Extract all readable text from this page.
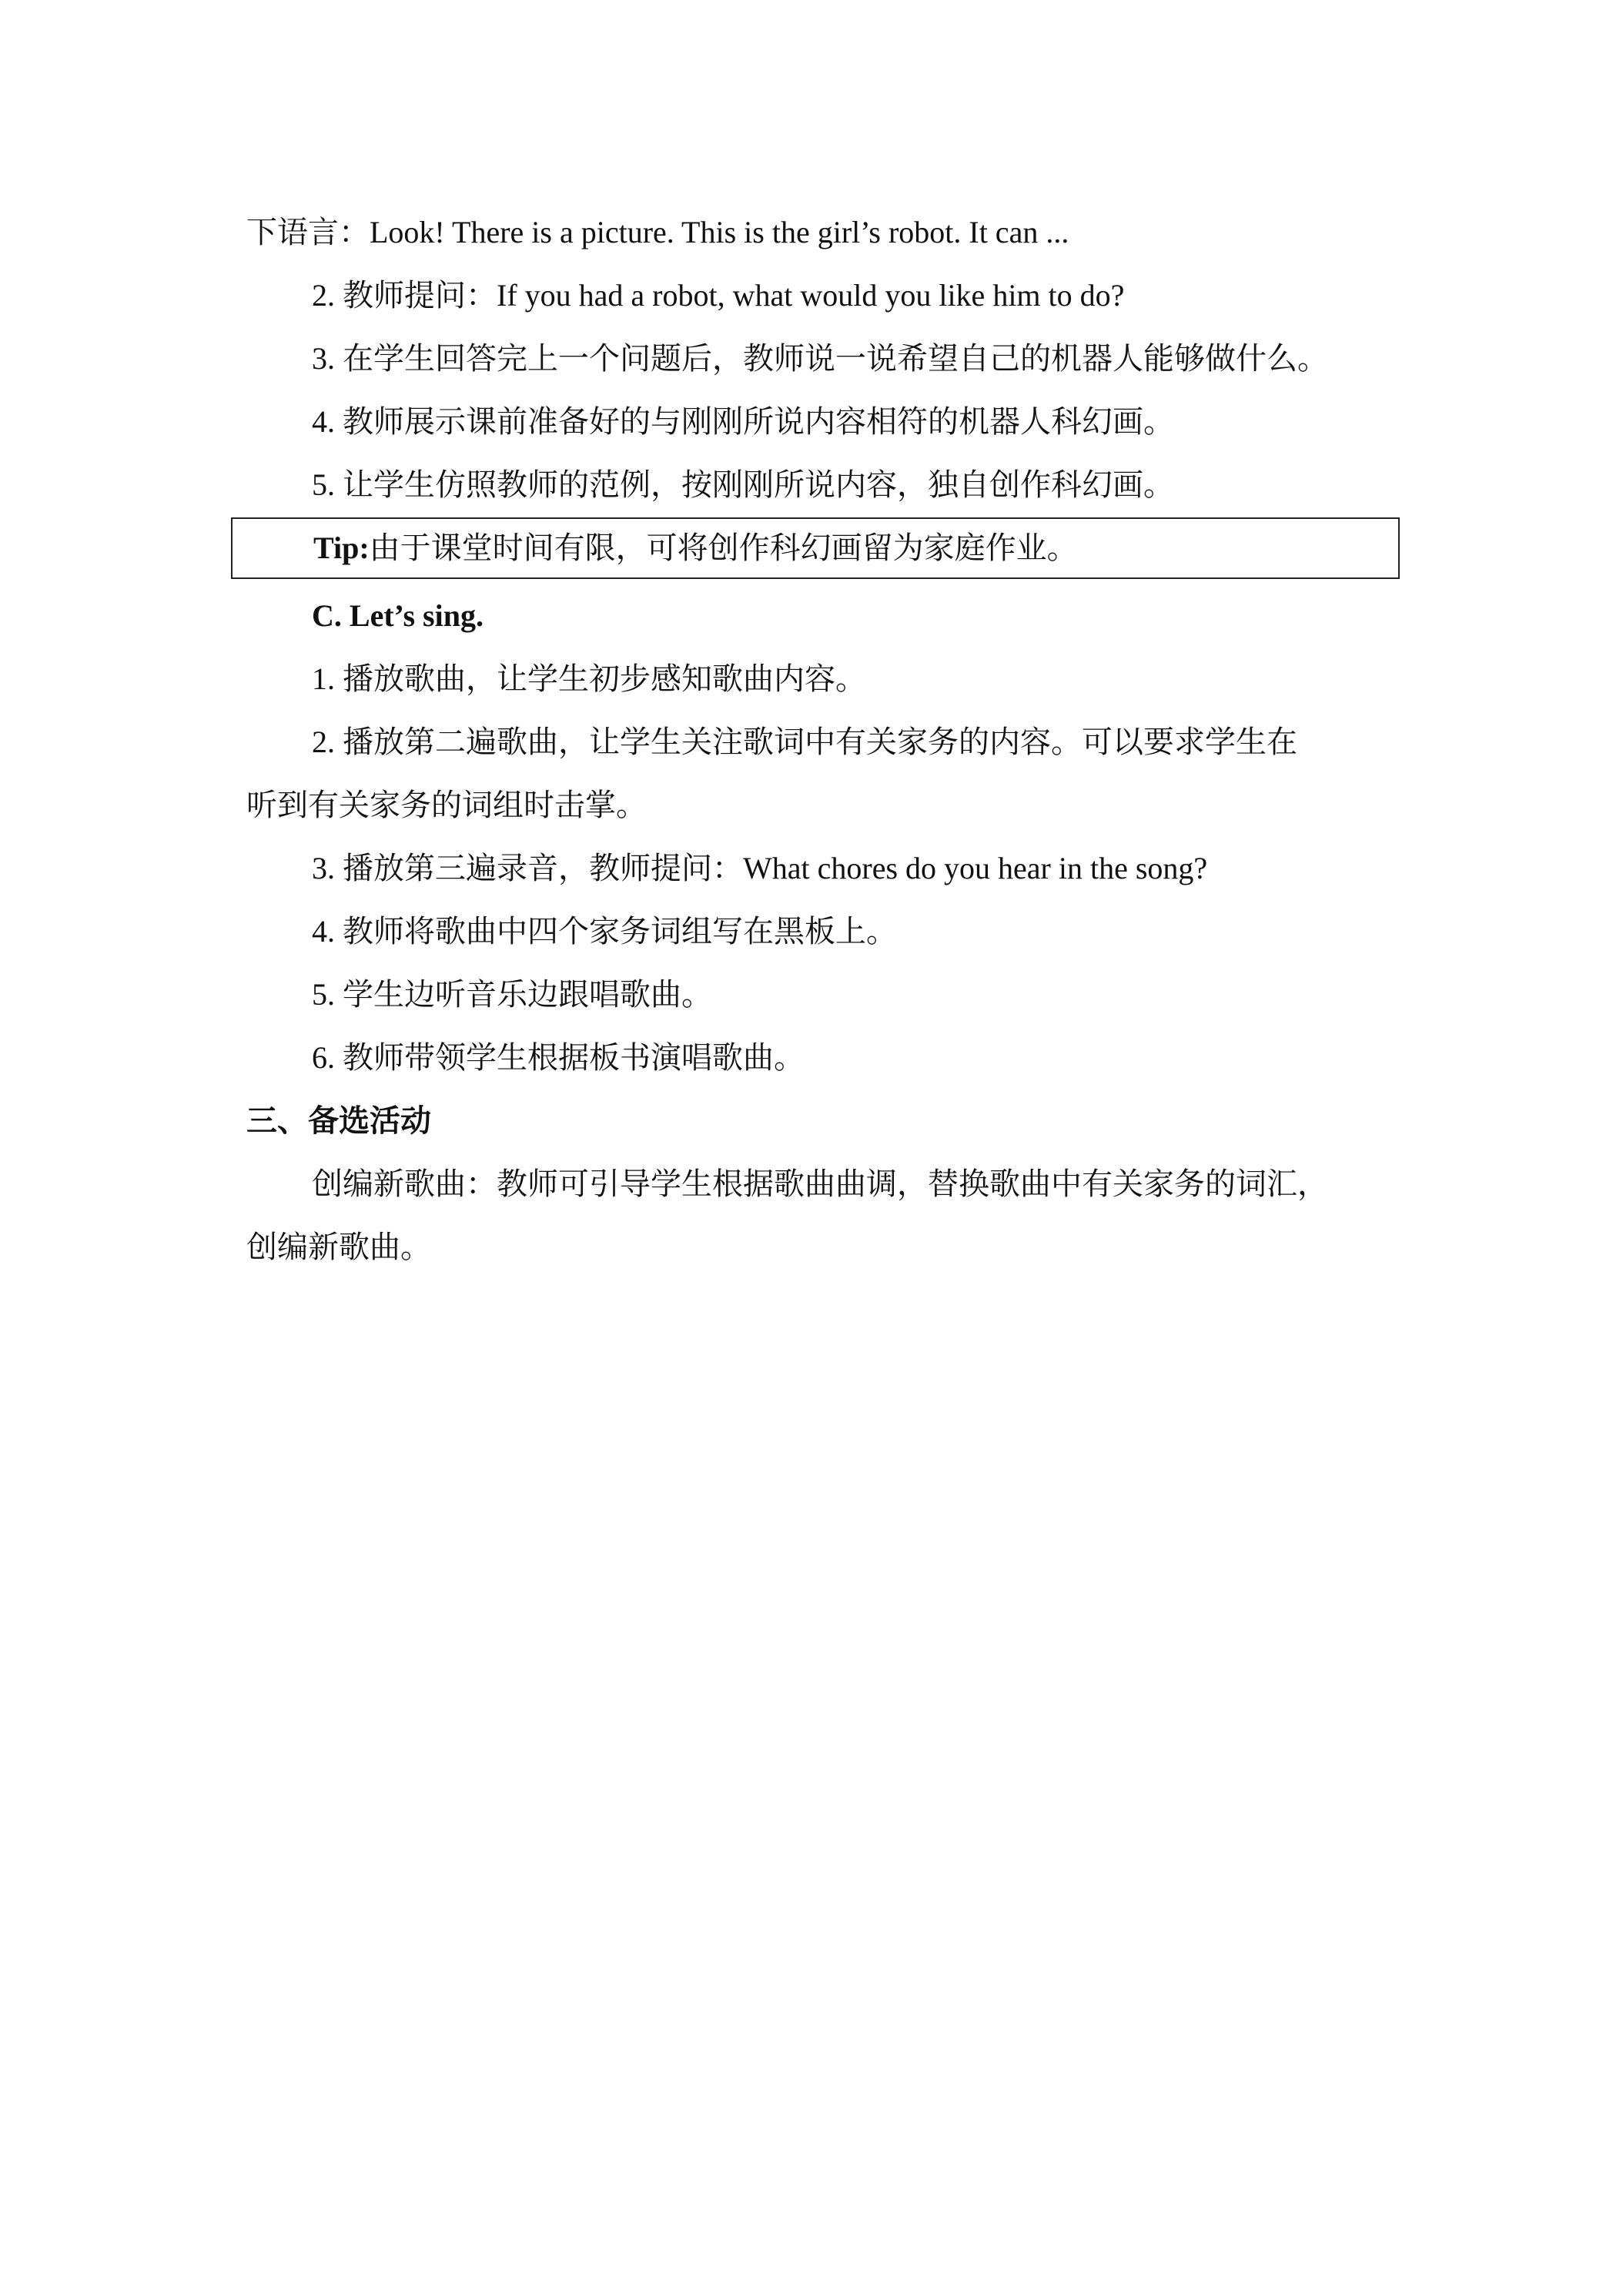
下语言：Look! There is a picture. This is the girl’s robot. It can ...
2. 教师提问：If you had a robot, what would you like him to do?
3. 在学生回答完上一个问题后，教师说一说希望自己的机器人能够做什么。
4. 教师展示课前准备好的与刚刚所说内容相符的机器人科幻画。
5. 让学生仿照教师的范例，按刚刚所说内容，独自创作科幻画。
Tip:由于课堂时间有限，可将创作科幻画留为家庭作业。
C. Let’s sing.
1. 播放歌曲，让学生初步感知歌曲内容。
2. 播放第二遍歌曲，让学生关注歌词中有关家务的内容。可以要求学生在
听到有关家务的词组时击掌。
3. 播放第三遍录音，教师提问：What chores do you hear in the song?
4. 教师将歌曲中四个家务词组写在黑板上。
5. 学生边听音乐边跟唱歌曲。
6. 教师带领学生根据板书演唱歌曲。
三、备选活动
创编新歌曲：教师可引导学生根据歌曲曲调，替换歌曲中有关家务的词汇，
创编新歌曲。
